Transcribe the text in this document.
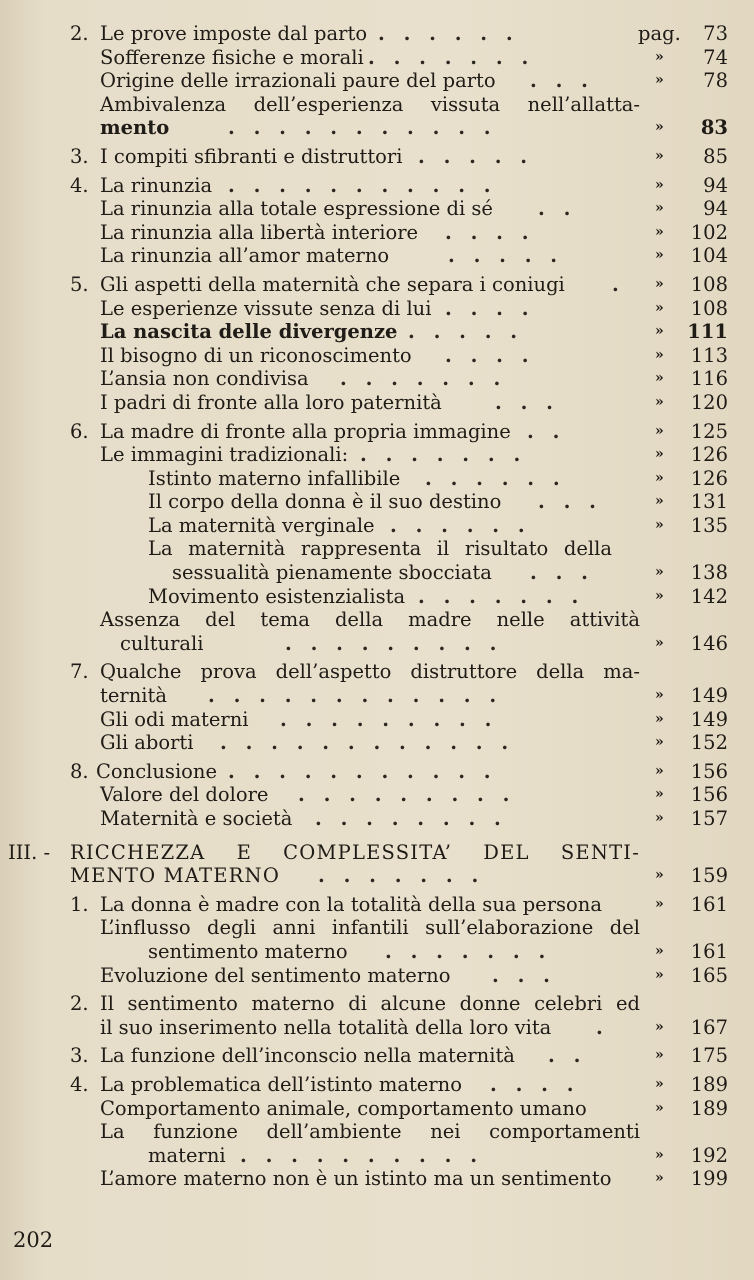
2. Le prove imposte dal parto . . . . . .	pag. 73
Sofferenze fisiche e morali . . . . . . .	» 74
Origine delle irrazionali paure del parto . . .	» 78
Ambivalenza dell’esperienza vissuta nell’allatta-
mento	. . . . . . . . . . .	» 83
3. I compiti sfibranti e distruttori . . . . .	» 85
4. La rinunzia . . . . . . . . . . .	» 94
La rinunzia alla totale espressione di sé . .	» 94
La rinunzia alla libertà interiore . . . .	» 102
La rinunzia all’amor materno	. . . . .	» 104
5. Gli aspetti della maternità che separa i coniugi .	» 108
Le esperienze vissute senza di lui . . . .	» 108
La nascita delle divergenze . . . . .	» 111
Il bisogno di un riconoscimento . . . .	» 113
L’ansia non condivisa . . . . . . .	» 116
I padri di fronte alla loro paternità	. . .	» 120
6. La madre di fronte alla propria immagine . .	» 125
Le immagini tradizionali: . . . . . . .	» 126
Istinto materno infallibile . . . . . .	» 126
Il corpo della donna è il suo destino . . .	» 131
La maternità verginale . . . . . .	» 135
La maternità rappresenta il risultato della
sessualità pienamente sbocciata . . .	» 138
Movimento esistenzialista . . . . . . .	» 142
Assenza del tema della madre nelle attività
culturali	. . . . . . . . .	» 146
7. Qualche prova dell’aspetto distruttore della ma-
ternità . . . . . . . . . . . .	» 149
Gli odi materni . . . . . . . . .	» 149
Gli aborti . . . . . . . . . . . .	» 152
8. Conclusione . . . . . . . . . . .	» 156
Valore del dolore . . . . . . . . .	» 156
Maternità e società . . . . . . . .	» 157
III. - RICCHEZZA E COMPLESSITA’ DEL SENTI-
MENTO MATERNO . . . . . . .	» 159
1. La donna è madre con la totalità della sua persona	» 161
L’influsso degli anni infantili sull’elaborazione del
sentimento materno . . . . . . .	» 161
Evoluzione del sentimento materno . . .	» 165
2. Il sentimento materno di alcune donne celebri ed
il suo inserimento nella totalità della loro vita .	» 167
3. La funzione dell’inconscio nella maternità . .	» 175
4. La problematica dell’istinto materno . . . .	» 189
Comportamento animale, comportamento umano	» 189
La funzione dell’ambiente nei comportamenti
materni . . . . . . . . . .	» 192
L’amore materno non è un istinto ma un sentimento	» 199
202
